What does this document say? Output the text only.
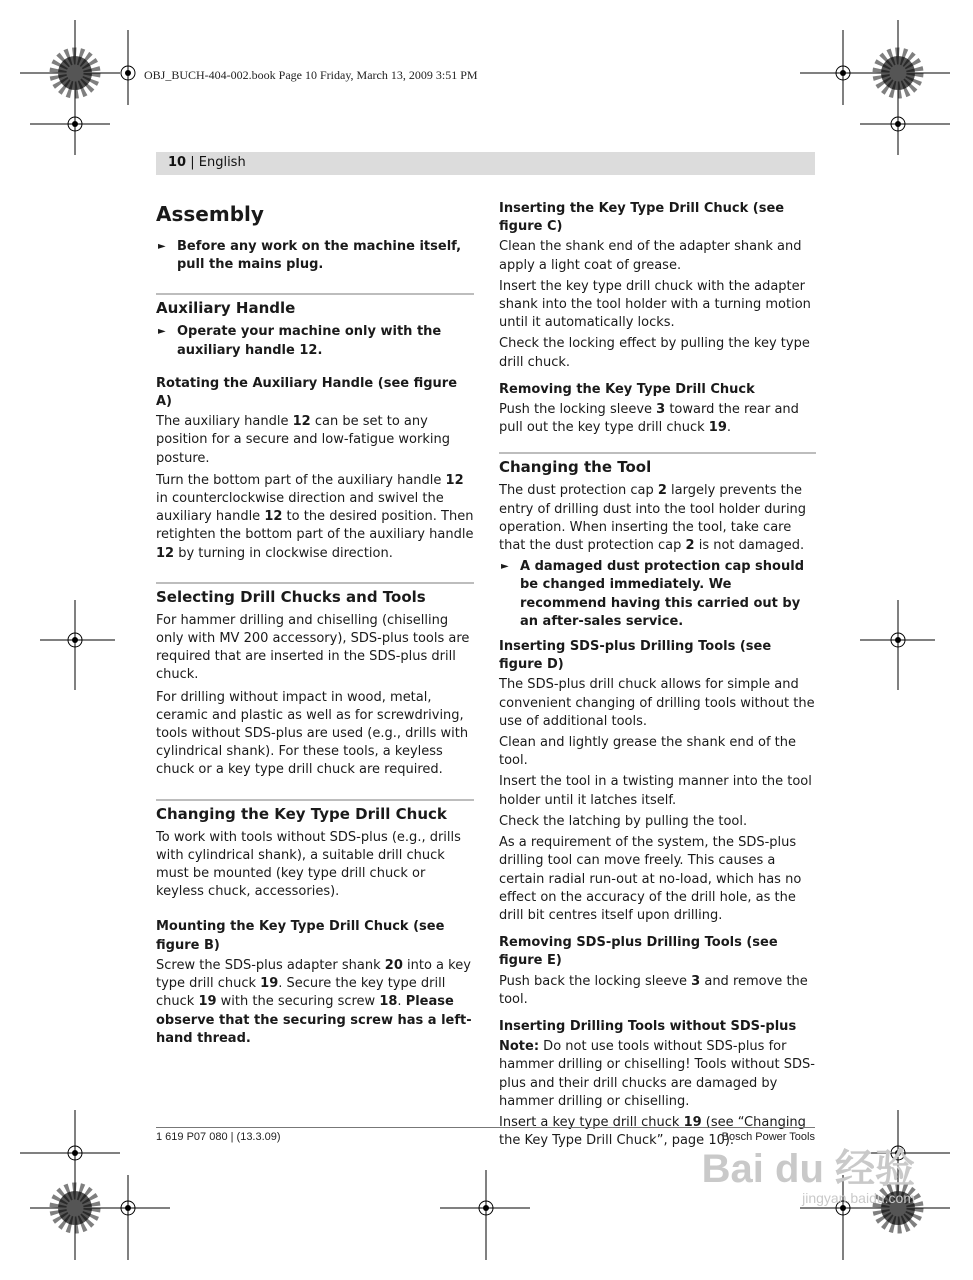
OBJ_BUCH-404-002.book Page 10 Friday, March 13, 2009 3:51 PM
10 | English
Assembly

► Before any work on the machine itself, pull the mains plug.

Auxiliary Handle

► Operate your machine only with the auxiliary handle 12.

Rotating the Auxiliary Handle (see figure A)

The auxiliary handle 12 can be set to any position for a secure and low-fatigue working posture.

Turn the bottom part of the auxiliary handle 12 in counterclockwise direction and swivel the auxiliary handle 12 to the desired position. Then retighten the bottom part of the auxiliary handle 12 by turning in clockwise direction.

Selecting Drill Chucks and Tools

For hammer drilling and chiselling (chiselling only with MV 200 accessory), SDS-plus tools are required that are inserted in the SDS-plus drill chuck.

For drilling without impact in wood, metal, ceramic and plastic as well as for screwdriving, tools without SDS-plus are used (e.g., drills with cylindrical shank). For these tools, a keyless chuck or a key type drill chuck are required.

Changing the Key Type Drill Chuck

To work with tools without SDS-plus (e.g., drills with cylindrical shank), a suitable drill chuck must be mounted (key type drill chuck or keyless chuck, accessories).

Mounting the Key Type Drill Chuck (see figure B)

Screw the SDS-plus adapter shank 20 into a key type drill chuck 19. Secure the key type drill chuck 19 with the securing screw 18. Please observe that the securing screw has a left-hand thread.

Inserting the Key Type Drill Chuck (see figure C)

Clean the shank end of the adapter shank and apply a light coat of grease.

Insert the key type drill chuck with the adapter shank into the tool holder with a turning motion until it automatically locks.

Check the locking effect by pulling the key type drill chuck.

Removing the Key Type Drill Chuck

Push the locking sleeve 3 toward the rear and pull out the key type drill chuck 19.

Changing the Tool

The dust protection cap 2 largely prevents the entry of drilling dust into the tool holder during operation. When inserting the tool, take care that the dust protection cap 2 is not damaged.

► A damaged dust protection cap should be changed immediately. We recommend having this carried out by an after-sales service.

Inserting SDS-plus Drilling Tools (see figure D)

The SDS-plus drill chuck allows for simple and convenient changing of drilling tools without the use of additional tools.

Clean and lightly grease the shank end of the tool.

Insert the tool in a twisting manner into the tool holder until it latches itself.

Check the latching by pulling the tool.

As a requirement of the system, the SDS-plus drilling tool can move freely. This causes a certain radial run-out at no-load, which has no effect on the accuracy of the drill hole, as the drill bit centres itself upon drilling.

Removing SDS-plus Drilling Tools (see figure E)

Push back the locking sleeve 3 and remove the tool.

Inserting Drilling Tools without SDS-plus

Note: Do not use tools without SDS-plus for hammer drilling or chiselling! Tools without SDS-plus and their drill chucks are damaged by hammer drilling or chiselling.

Insert a key type drill chuck 19 (see “Changing the Key Type Drill Chuck”, page 10).

1 619 P07 080 | (13.3.09)	Bosch Power Tools
Bai du 经验
jingyan.baidu.com
